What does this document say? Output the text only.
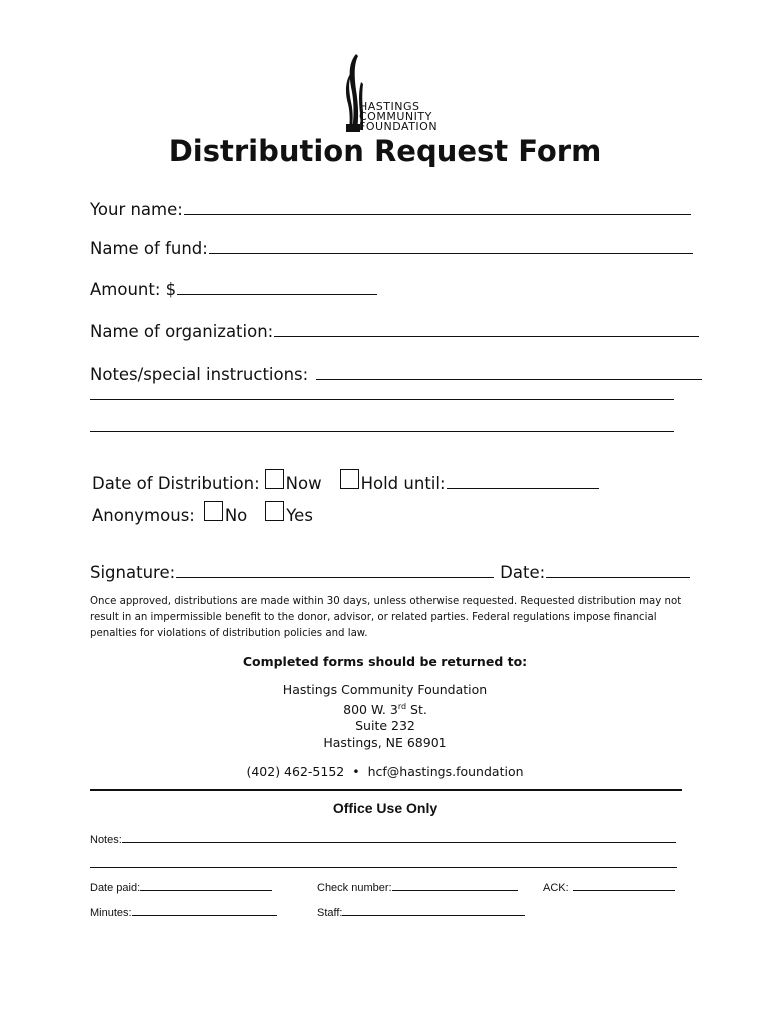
HASTINGS
COMMUNITY
FOUNDATION
Distribution Request Form
Your name:
Name of fund:
Amount: $
Name of organization:
Notes/special instructions:
Date of Distribution: Now Hold until:
Anonymous: No Yes
Signature:	Date:
Once approved, distributions are made within 30 days, unless otherwise requested. Requested distribution may not result in an impermissible benefit to the donor, advisor, or related parties. Federal regulations impose financial penalties for violations of distribution policies and law.
Completed forms should be returned to:
Hastings Community Foundation
800 W. 3rd St.
Suite 232
Hastings, NE 68901
(402) 462-5152 • hcf@hastings.foundation
Office Use Only
Notes:
Date paid:	Check number:	ACK:
Minutes:	Staff:
